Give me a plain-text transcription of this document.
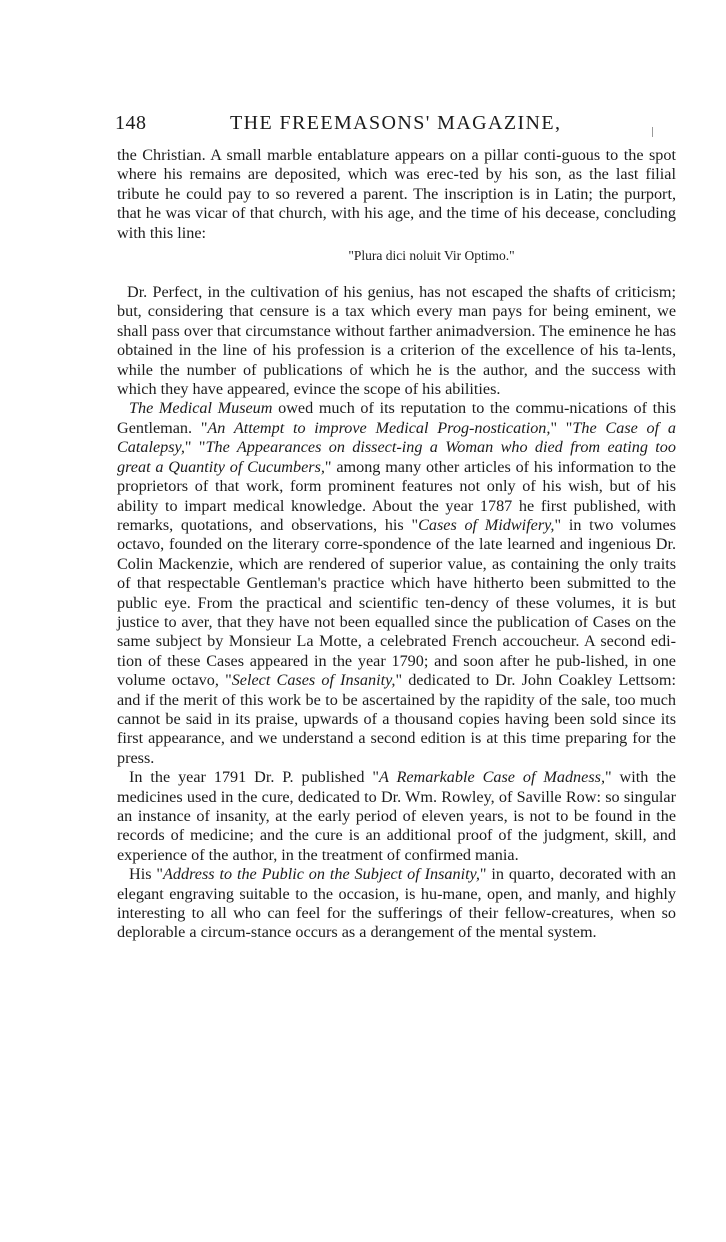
148	THE FREEMASONS' MAGAZINE,

the Christian. A small marble entablature appears on a pillar conti-guous to the spot where his remains are deposited, which was erec-ted by his son, as the last filial tribute he could pay to so revered a parent. The inscription is in Latin; the purport, that he was vicar of that church, with his age, and the time of his decease, concluding with this line:

"Plura dici noluit Vir Optimo."

Dr. Perfect, in the cultivation of his genius, has not escaped the shafts of criticism; but, considering that censure is a tax which every man pays for being eminent, we shall pass over that circumstance without farther animadversion. The eminence he has obtained in the line of his profession is a criterion of the excellence of his ta-lents, while the number of publications of which he is the author, and the success with which they have appeared, evince the scope of his abilities.

The Medical Museum owed much of its reputation to the commu-nications of this Gentleman. "An Attempt to improve Medical Prog-nostication," "The Case of a Catalepsy," "The Appearances on dissect-ing a Woman who died from eating too great a Quantity of Cucumbers," among many other articles of his information to the proprietors of that work, form prominent features not only of his wish, but of his ability to impart medical knowledge. About the year 1787 he first published, with remarks, quotations, and observations, his "Cases of Midwifery," in two volumes octavo, founded on the literary corre-spondence of the late learned and ingenious Dr. Colin Mackenzie, which are rendered of superior value, as containing the only traits of that respectable Gentleman's practice which have hitherto been submitted to the public eye. From the practical and scientific ten-dency of these volumes, it is but justice to aver, that they have not been equalled since the publication of Cases on the same subject by Monsieur La Motte, a celebrated French accoucheur. A second edi-tion of these Cases appeared in the year 1790; and soon after he pub-lished, in one volume octavo, "Select Cases of Insanity," dedicated to Dr. John Coakley Lettsom: and if the merit of this work be to be ascertained by the rapidity of the sale, too much cannot be said in its praise, upwards of a thousand copies having been sold since its first appearance, and we understand a second edition is at this time preparing for the press.

In the year 1791 Dr. P. published "A Remarkable Case of Madness," with the medicines used in the cure, dedicated to Dr. Wm. Rowley, of Saville Row: so singular an instance of insanity, at the early period of eleven years, is not to be found in the records of medicine; and the cure is an additional proof of the judgment, skill, and experience of the author, in the treatment of confirmed mania.

His "Address to the Public on the Subject of Insanity," in quarto, decorated with an elegant engraving suitable to the occasion, is hu-mane, open, and manly, and highly interesting to all who can feel for the sufferings of their fellow-creatures, when so deplorable a circum-stance occurs as a derangement of the mental system.
